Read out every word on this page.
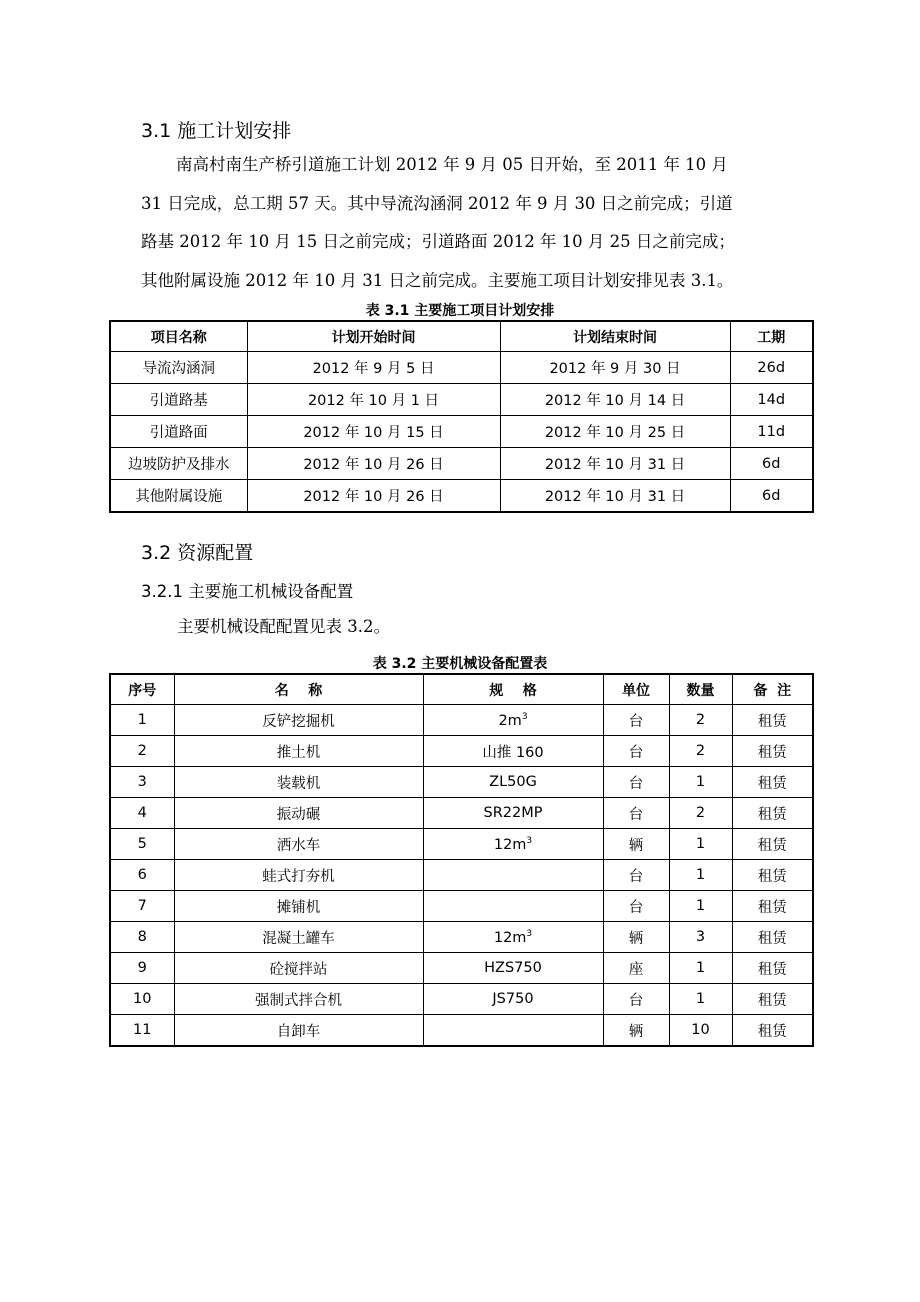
3.1 施工计划安排
南高村南生产桥引道施工计划 2012 年 9 月 05 日开始，至 2011 年 10 月
31 日完成，总工期 57 天。其中导流沟涵洞 2012 年 9 月 30 日之前完成；引道
路基 2012 年 10 月 15 日之前完成；引道路面 2012 年 10 月 25 日之前完成；
其他附属设施 2012 年 10 月 31 日之前完成。主要施工项目计划安排见表 3.1。
表 3.1 主要施工项目计划安排
项目名称	计划开始时间	计划结束时间	工期
导流沟涵洞	2012 年 9 月 5 日	2012 年 9 月 30 日	26d
引道路基	2012 年 10 月 1 日	2012 年 10 月 14 日	14d
引道路面	2012 年 10 月 15 日	2012 年 10 月 25 日	11d
边坡防护及排水	2012 年 10 月 26 日	2012 年 10 月 31 日	6d
其他附属设施	2012 年 10 月 26 日	2012 年 10 月 31 日	6d
3.2 资源配置
3.2.1 主要施工机械设备配置
主要机械设配配置见表 3.2。
表 3.2 主要机械设备配置表
序号	名    称	规    格	单位	数量	备  注
1	反铲挖掘机	$2m^3$	台	2	租赁
2	推土机	山推 160	台	2	租赁
3	装载机	ZL50G	台	1	租赁
4	振动碾	SR22MP	台	2	租赁
5	洒水车	$12m^3$	辆	1	租赁
6	蛙式打夯机		台	1	租赁
7	摊铺机		台	1	租赁
8	混凝土罐车	$12m^3$	辆	3	租赁
9	砼搅拌站	HZS750	座	1	租赁
10	强制式拌合机	JS750	台	1	租赁
11	自卸车		辆	10	租赁
